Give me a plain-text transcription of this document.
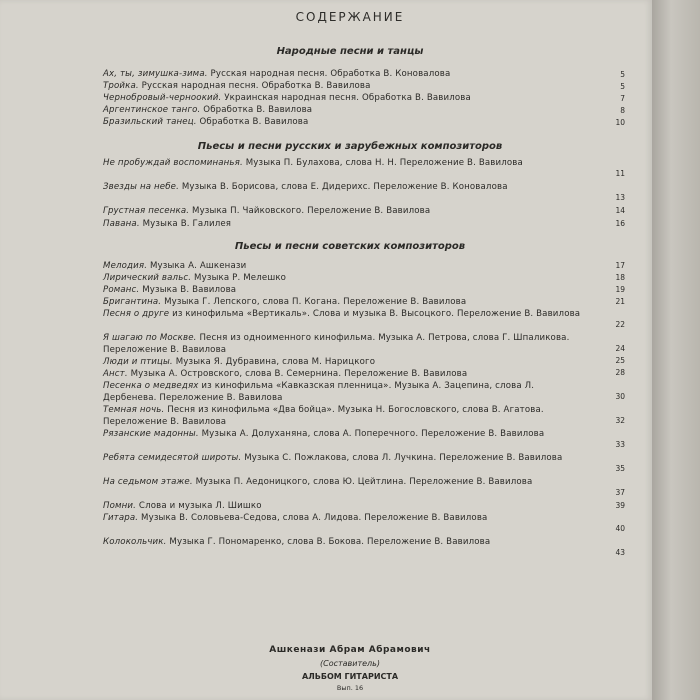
СОДЕРЖАНИЕ
Народные песни и танцы
Ах, ты, зимушка-зима. Русская народная песня. Обработка В. Коновалова	5
Тройка. Русская народная песня. Обработка В. Вавилова	5
Чернобровый-черноокий. Украинская народная песня. Обработка В. Вавилова	7
Аргентинское танго. Обработка В. Вавилова	8
Бразильский танец. Обработка В. Вавилова	10
Пьесы и песни русских и зарубежных композиторов
Не пробуждай воспоминанья. Музыка П. Булахова, слова Н. Н. Переложение В. Вавилова
11
Звезды на небе. Музыка В. Борисова, слова Е. Дидерихс. Переложение В. Коновалова
13
Грустная песенка. Музыка П. Чайковского. Переложение В. Вавилова	14
Павана. Музыка В. Галилея	16
Пьесы и песни советских композиторов
Мелодия. Музыка А. Ашкенази	17
Лирический вальс. Музыка Р. Мелешко	18
Романс. Музыка В. Вавилова	19
Бригантина. Музыка Г. Лепского, слова П. Когана. Переложение В. Вавилова	21
Песня о друге из кинофильма «Вертикаль». Слова и музыка В. Высоцкого. Переложение В. Вавилова
22
Я шагаю по Москве. Песня из одноименного кинофильма. Музыка А. Петрова, слова Г. Шпаликова. Переложение В. Вавилова	24
Люди и птицы. Музыка Я. Дубравина, слова М. Нарицкого	25
Анст. Музыка А. Островского, слова В. Семернина. Переложение В. Вавилова	28
Песенка о медведях из кинофильма «Кавказская пленница». Музыка А. Зацепина, слова Л. Дербенева. Переложение В. Вавилова	30
Темная ночь. Песня из кинофильма «Два бойца». Музыка Н. Богословского, слова В. Агатова. Переложение В. Вавилова	32
Рязанские мадонны. Музыка А. Долуханяна, слова А. Поперечного. Переложение В. Вавилова
33
Ребята семидесятой широты. Музыка С. Пожлакова, слова Л. Лучкина. Переложение В. Вавилова
35
На седьмом этаже. Музыка П. Аедоницкого, слова Ю. Цейтлина. Переложение В. Вавилова
37
Помни. Слова и музыка Л. Шишко	39
Гитара. Музыка В. Соловьева-Седова, слова А. Лидова. Переложение В. Вавилова
40
Колокольчик. Музыка Г. Пономаренко, слова В. Бокова. Переложение В. Вавилова
43
Ашкенази Абрам Абрамович
(Составитель)
АЛЬБОМ ГИТАРИСТА
Вып. 16
